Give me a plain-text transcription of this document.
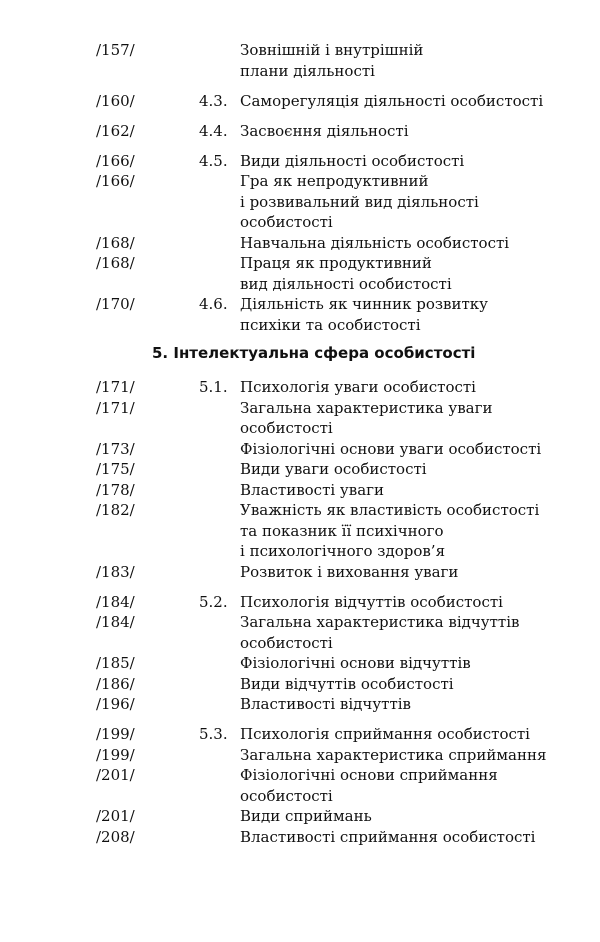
/157/	Зовнішній і внутрішній
плани діяльності
/160/	4.3. Саморегуляція діяльності особистості
/162/	4.4. Засвоєння діяльності
/166/	4.5. Види діяльності особистості
/166/	Гра як непродуктивний
і розвивальний вид діяльності
особистості
/168/	Навчальна діяльність особистості
/168/	Праця як продуктивний
вид діяльності особистості
/170/	4.6. Діяльність як чинник розвитку
психіки та особистості
5. Інтелектуальна сфера особистості
/171/	5.1. Психологія уваги особистості
/171/	Загальна характеристика уваги
особистості
/173/	Фізіологічні основи уваги особистості
/175/	Види уваги особистості
/178/	Властивості уваги
/182/	Уважність як властивість особистості
та показник її психічного
і психологічного здоров’я
/183/	Розвиток і виховання уваги
/184/	5.2. Психологія відчуттів особистості
/184/	Загальна характеристика відчуттів
особистості
/185/	Фізіологічні основи відчуттів
/186/	Види відчуттів особистості
/196/	Властивості відчуттів
/199/	5.3. Психологія сприймання особистості
/199/	Загальна характеристика сприймання
/201/	Фізіологічні основи сприймання
особистості
/201/	Види сприймань
/208/	Властивості сприймання особистості
